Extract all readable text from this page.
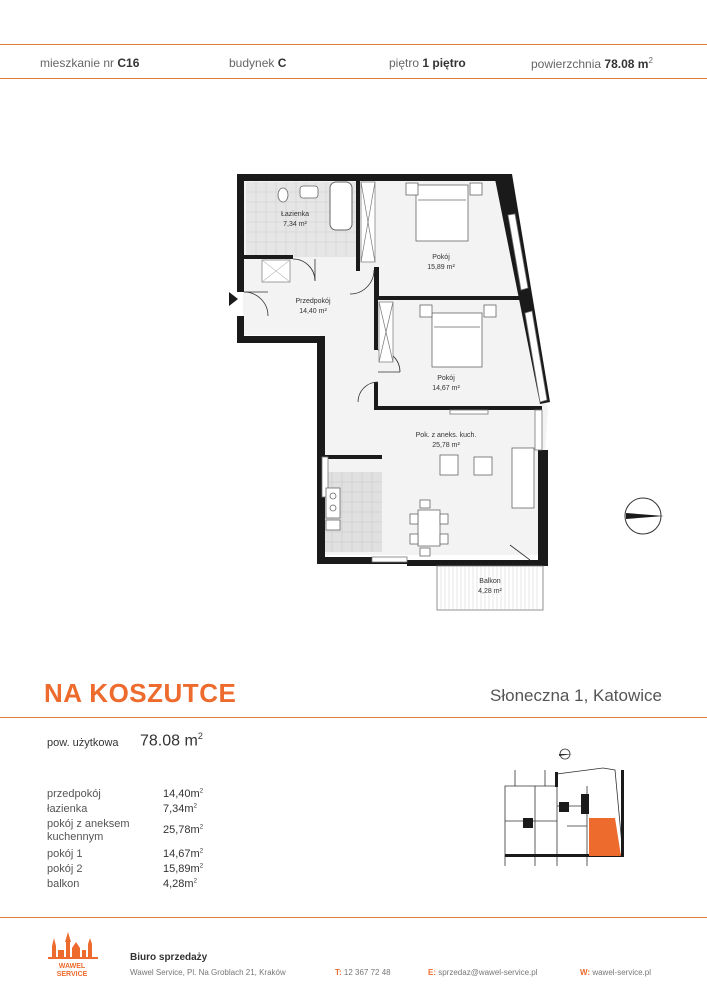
mieszkanie nr C16	budynek C	piętro 1 piętro	powierzchnia 78.08 $m^2$
Łazienka
7,34 m²
Pokój
15,89 m²
Przedpokój
14,40 m²
Pokój
14,67 m²
Pok. z aneks. kuch.
25,78 m²
Balkon
4,28 m²
NA KOSZUTCE	Słoneczna 1, Katowice
pow. użytkowa 78.08 $m^2$
przedpokój	$14,40m^2$
łazienka	$7,34m^2$
pokój z aneksem kuchennym
$25,78m^2$
pokój 1	$14,67m^2$
pokój 2	$15,89m^2$
balkon	$4,28m^2$
WAWEL
SERVICE
Biuro sprzedaży
Wawel Service, Pl. Na Groblach 21, Kraków	T: 12 367 72 48	E: sprzedaz@wawel-service.pl	W: wawel-service.pl
